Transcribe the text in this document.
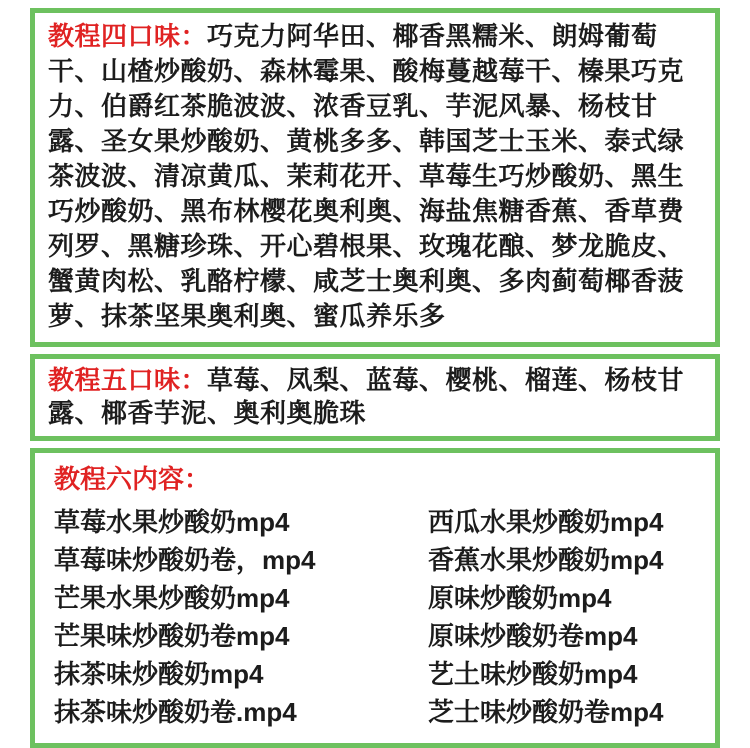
教程四口味：巧克力阿华田、椰香黑糯米、朗姆葡萄干、山楂炒酸奶、森林霉果、酸梅蔓越莓干、榛果巧克力、伯爵红茶脆波波、浓香豆乳、芋泥风暴、杨枝甘露、圣女果炒酸奶、黄桃多多、韩国芝士玉米、泰式绿茶波波、清凉黄瓜、茉莉花开、草莓生巧炒酸奶、黑生巧炒酸奶、黑布林樱花奥利奥、海盐焦糖香蕉、香草费列罗、黑糖珍珠、开心碧根果、玫瑰花酿、梦龙脆皮、蟹黄肉松、乳酪柠檬、咸芝士奥利奥、多肉蓟萄椰香菠萝、抹茶坚果奥利奥、蜜瓜养乐多

教程五口味：草莓、凤梨、蓝莓、樱桃、榴莲、杨枝甘露、椰香芋泥、奥利奥脆珠

教程六内容：
草莓水果炒酸奶mp4	西瓜水果炒酸奶mp4
草莓味炒酸奶卷，mp4	香蕉水果炒酸奶mp4
芒果水果炒酸奶mp4	原味炒酸奶mp4
芒果味炒酸奶卷mp4	原味炒酸奶卷mp4
抹茶味炒酸奶mp4	艺土味炒酸奶mp4
抹茶味炒酸奶卷.mp4	芝士味炒酸奶卷mp4
